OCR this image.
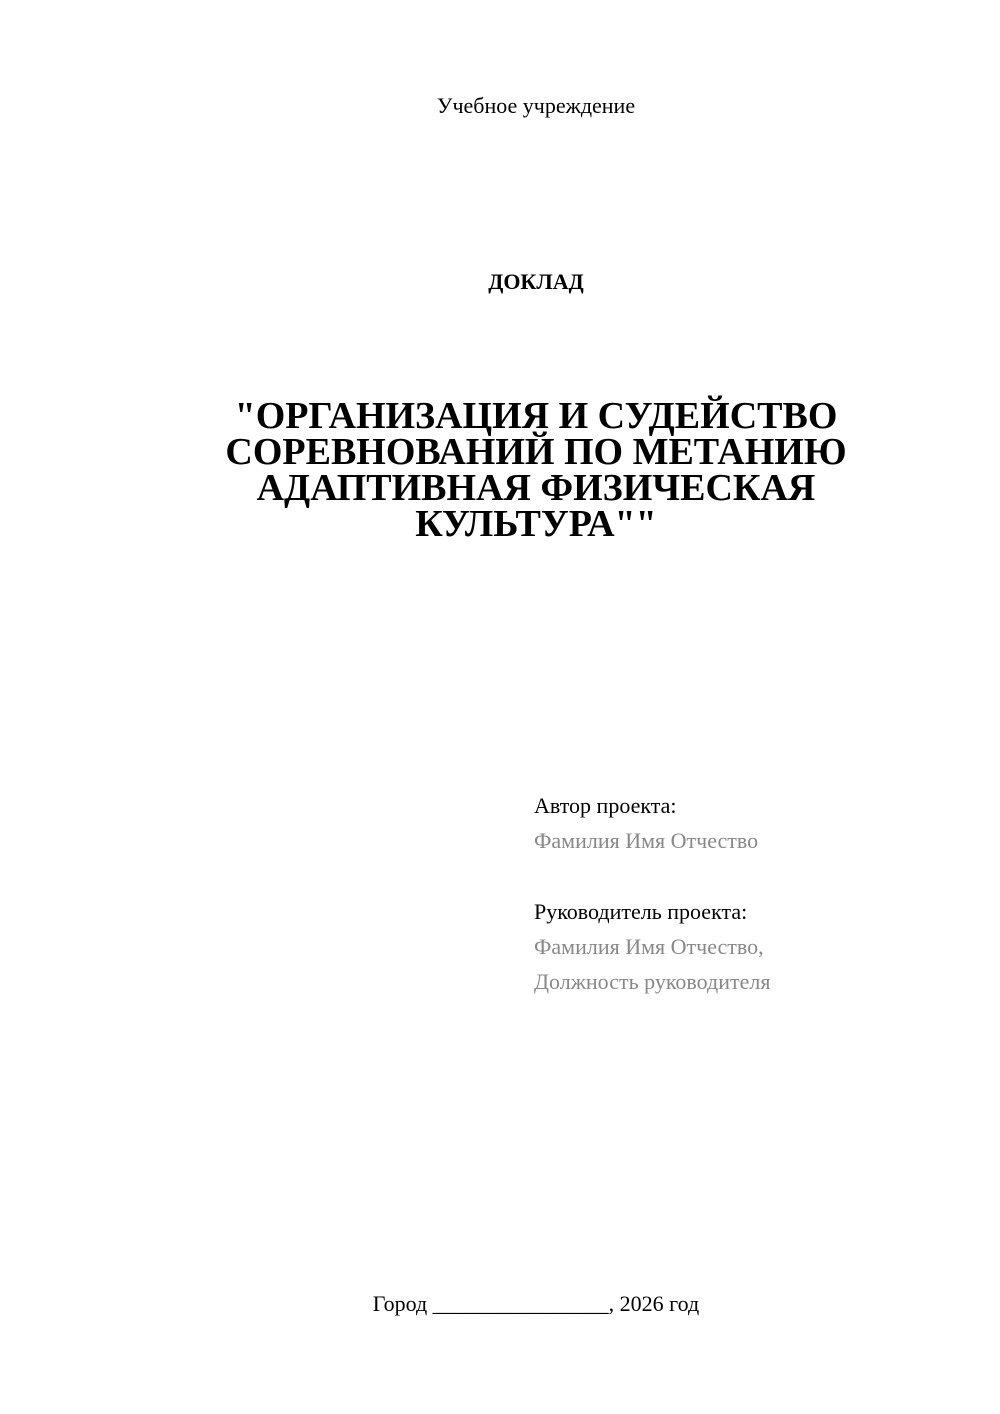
Учебное учреждение
ДОКЛАД
"ОРГАНИЗАЦИЯ И СУДЕЙСТВО
СОРЕВНОВАНИЙ ПО МЕТАНИЮ
АДАПТИВНАЯ ФИЗИЧЕСКАЯ
КУЛЬТУРА""
Автор проекта:
Фамилия Имя Отчество
Руководитель проекта:
Фамилия Имя Отчество,
Должность руководителя
Город ________________, 2026 год
